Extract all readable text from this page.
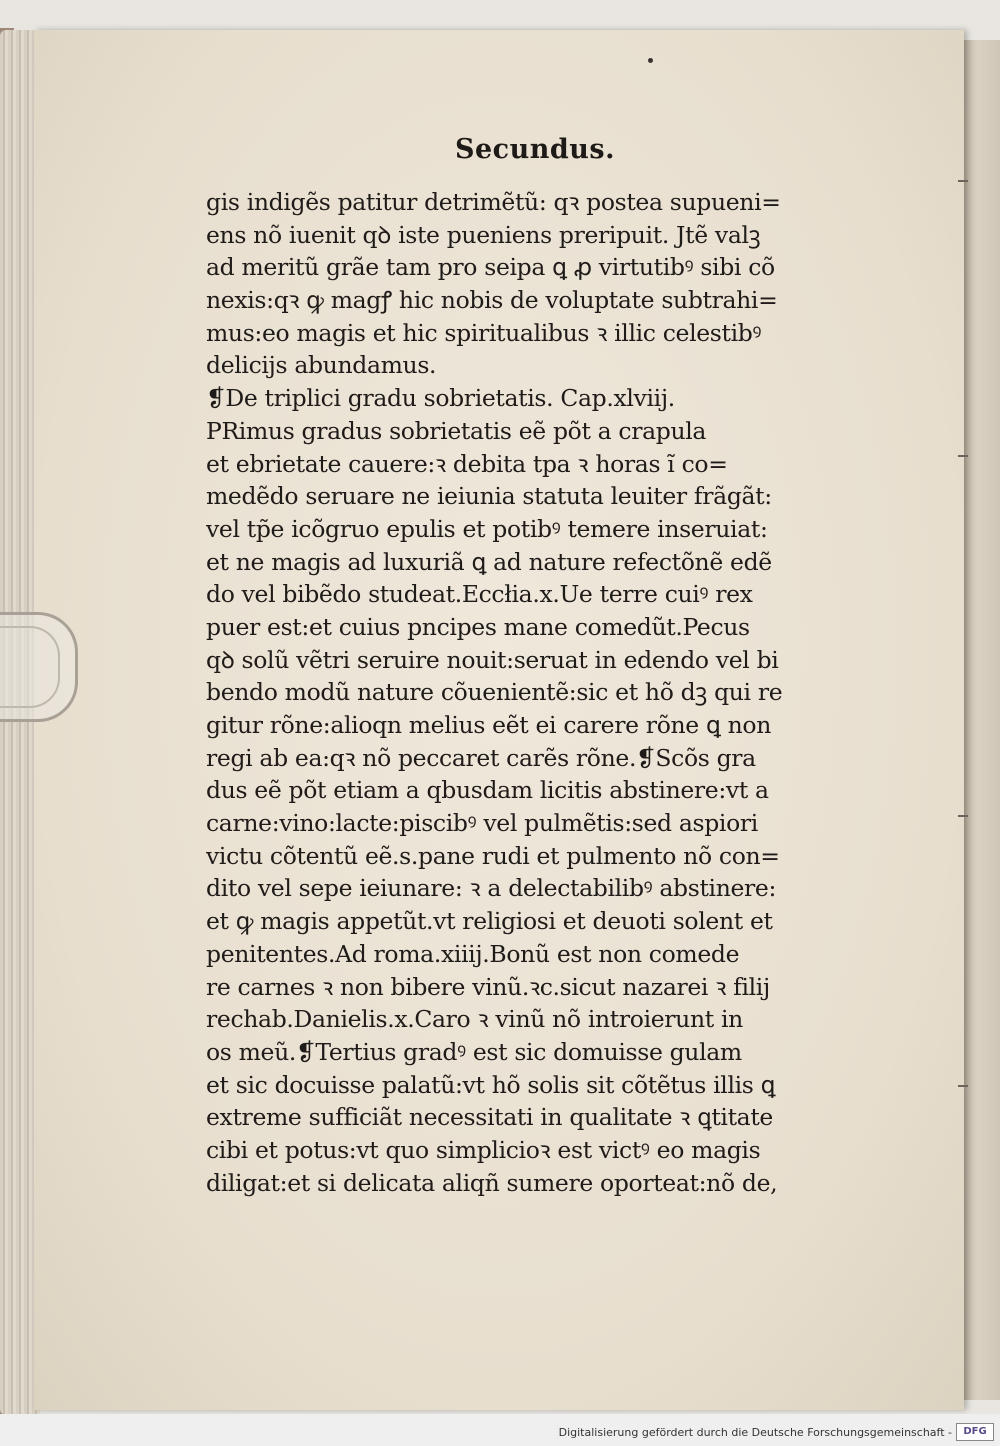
Secundus.
gis indigẽs patitur detrimẽtũ: qꝛ postea supueni=
ens nõ iuenit qꝺ iste pueniens preripuit. Jtẽ valꝫ
ad meritũ grãe tam pro seipa ꝗ ꝓ virtutibꝰ sibi cõ
nexis:qꝛ ꝙ magꝭ hic nobis de voluptate subtrahi=
mus:eo magis et hic spiritualibus ꝛ illic celestibꝰ
delicijs abundamus.
❡De triplici gradu sobrietatis. Cap.xlviij.
PRimus gradus sobrietatis eẽ põt a crapula
et ebrietate cauere:ꝛ debita tpa ꝛ horas ĩ co=
medẽdo seruare ne ieiunia statuta leuiter frãgãt:
vel tp̃e icõgruo epulis et potibꝰ temere inseruiat:
et ne magis ad luxuriã ꝗ ad nature refectõnẽ edẽ
do vel bibẽdo studeat.Eccłia.x.Ue terre cuiꝰ rex
puer est:et cuius pncipes mane comedũt.Pecus
qꝺ solũ vẽtri seruire nouit:seruat in edendo vel bi
bendo modũ nature cõuenientẽ:sic et hõ dꝫ qui re
gitur rõne:alioqn melius eẽt ei carere rõne ꝗ non
regi ab ea:qꝛ nõ peccaret carẽs rõne.❡Scõs gra
dus eẽ põt etiam a qbusdam licitis abstinere:vt a
carne:vino:lacte:piscibꝰ vel pulmẽtis:sed aspiori
victu cõtentũ eẽ.s.pane rudi et pulmento nõ con=
dito vel sepe ieiunare: ꝛ a delectabilibꝰ abstinere:
et ꝙ magis appetũt.vt religiosi et deuoti solent et
penitentes.Ad roma.xiiij.Bonũ est non comede
re carnes ꝛ non bibere vinũ.ꝛc.sicut nazarei ꝛ filij
rechab.Danielis.x.Caro ꝛ vinũ nõ introierunt in
os meũ.❡Tertius gradꝰ est sic domuisse gulam
et sic docuisse palatũ:vt hõ solis sit cõtẽtus illis ꝗ
extreme sufficiãt necessitati in qualitate ꝛ ꝗtitate
cibi et potus:vt quo simplicioꝛ est victꝰ eo magis
diligat:et si delicata aliqñ sumere oporteat:nõ de,
Digitalisierung gefördert durch die Deutsche Forschungsgemeinschaft -	DFG
